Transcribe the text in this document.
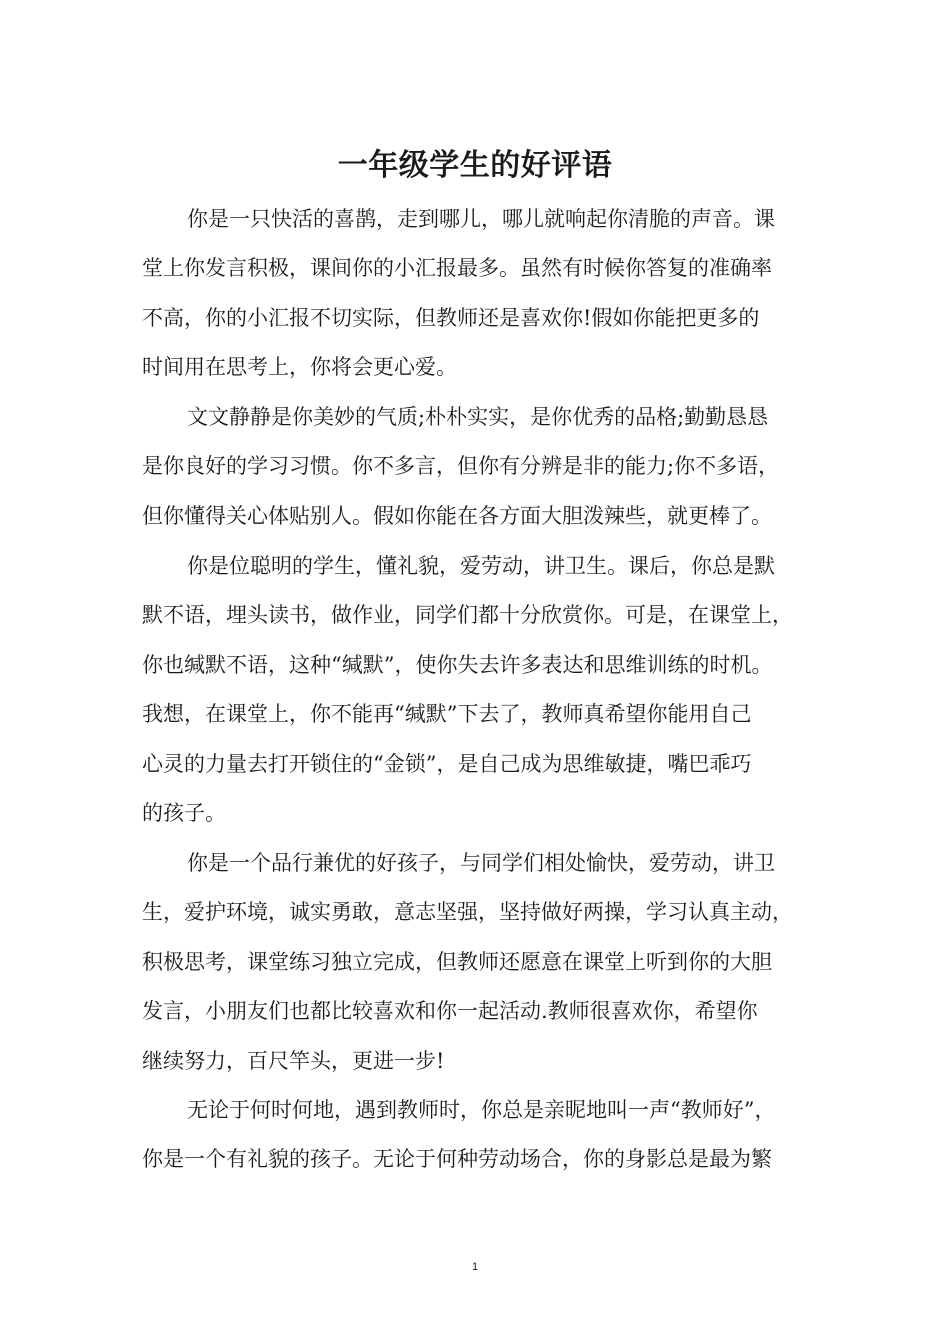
一年级学生的好评语
你是一只快活的喜鹊，走到哪儿，哪儿就响起你清脆的声音。课
堂上你发言积极，课间你的小汇报最多。虽然有时候你答复的准确率
不高，你的小汇报不切实际，但教师还是喜欢你!假如你能把更多的
时间用在思考上，你将会更心爱。
文文静静是你美妙的气质;朴朴实实，是你优秀的品格;勤勤恳恳
是你良好的学习习惯。你不多言，但你有分辨是非的能力;你不多语，
但你懂得关心体贴别人。假如你能在各方面大胆泼辣些，就更棒了。
你是位聪明的学生，懂礼貌，爱劳动，讲卫生。课后，你总是默
默不语，埋头读书，做作业，同学们都十分欣赏你。可是，在课堂上，
你也缄默不语，这种“缄默”，使你失去许多表达和思维训练的时机。
我想，在课堂上，你不能再“缄默”下去了，教师真希望你能用自己
心灵的力量去打开锁住的“金锁”，是自己成为思维敏捷，嘴巴乖巧
的孩子。
你是一个品行兼优的好孩子，与同学们相处愉快，爱劳动，讲卫
生，爱护环境，诚实勇敢，意志坚强，坚持做好两操，学习认真主动，
积极思考，课堂练习独立完成，但教师还愿意在课堂上听到你的大胆
发言，小朋友们也都比较喜欢和你一起活动.教师很喜欢你，希望你
继续努力，百尺竿头，更进一步!
无论于何时何地，遇到教师时，你总是亲昵地叫一声“教师好”，
你是一个有礼貌的孩子。无论于何种劳动场合，你的身影总是最为繁
1
